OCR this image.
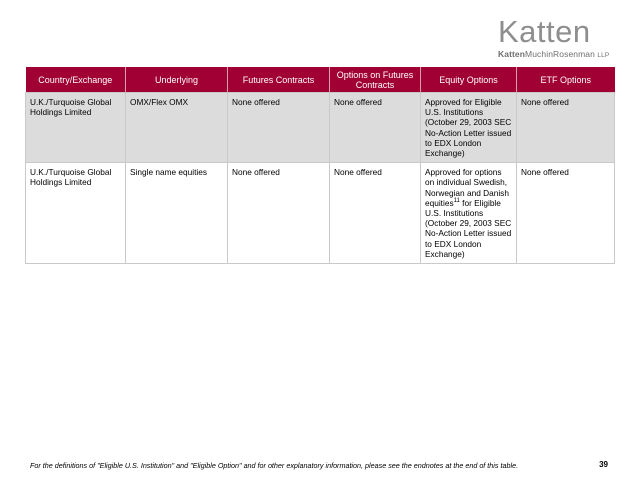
Katten
KattenMuchinRosenman LLP
Country/Exchange	Underlying	Futures Contracts	Options on Futures Contracts	Equity Options	ETF Options
U.K./Turquoise Global Holdings Limited	OMX/Flex OMX	None offered	None offered	Approved for Eligible U.S. Institutions (October 29, 2003 SEC No-Action Letter issued to EDX London Exchange)	None offered
U.K./Turquoise Global Holdings Limited	Single name equities	None offered	None offered	Approved for options on individual Swedish, Norwegian and Danish equities$^{11}$ for Eligible U.S. Institutions (October 29, 2003 SEC No-Action Letter issued to EDX London Exchange)	None offered
For the definitions of "Eligible U.S. Institution" and "Eligible Option" and for other explanatory information, please see the endnotes at the end of this table.	39
